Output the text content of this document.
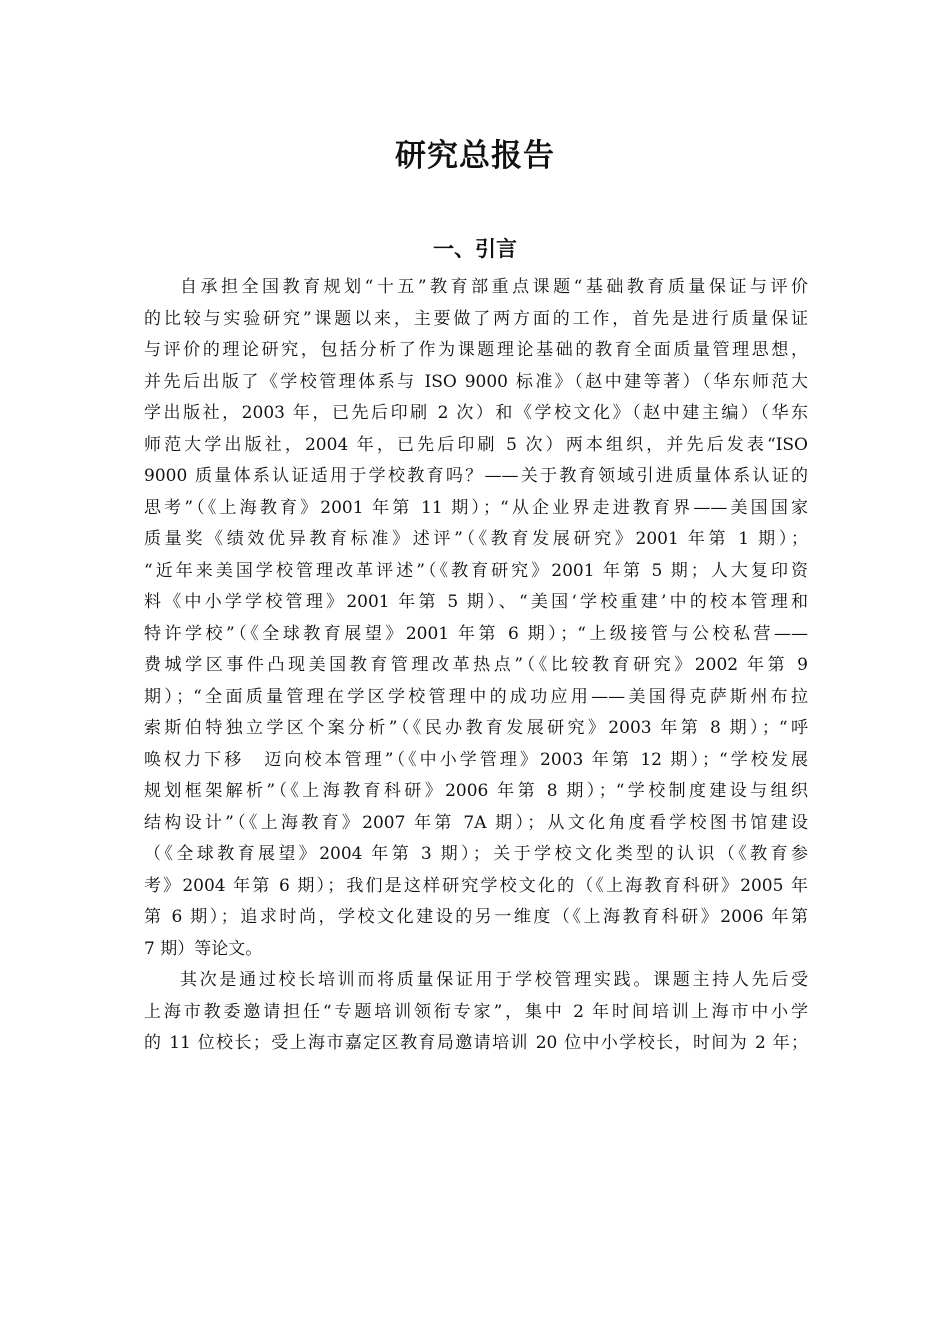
研究总报告
一、引言
自承担全国教育规划“十五”教育部重点课题“基础教育质量保证与评价
的比较与实验研究”课题以来，主要做了两方面的工作，首先是进行质量保证
与评价的理论研究，包括分析了作为课题理论基础的教育全面质量管理思想，
并先后出版了《学校管理体系与 ISO 9000 标准》（赵中建等著）（华东师范大
学出版社，2003 年，已先后印刷 2 次）和《学校文化》（赵中建主编）（华东
师范大学出版社，2004 年，已先后印刷 5 次）两本组织，并先后发表“ISO
9000 质量体系认证适用于学校教育吗？——关于教育领域引进质量体系认证的
思考”（《上海教育》2001 年第 11 期）；“从企业界走进教育界——美国国家
质量奖《绩效优异教育标准》述评”（《教育发展研究》2001 年第 1 期）；
“近年来美国学校管理改革评述”（《教育研究》2001 年第 5 期；人大复印资
料《中小学学校管理》2001 年第 5 期）、“美国‘学校重建’中的校本管理和
特许学校”（《全球教育展望》2001 年第 6 期）；“上级接管与公校私营——
费城学区事件凸现美国教育管理改革热点”（《比较教育研究》2002 年第 9
期）；“全面质量管理在学区学校管理中的成功应用——美国得克萨斯州布拉
索斯伯特独立学区个案分析”（《民办教育发展研究》2003 年第 8 期）；“呼
唤权力下移　迈向校本管理”（《中小学管理》2003 年第 12 期）；“学校发展
规划框架解析”（《上海教育科研》2006 年第 8 期）；“学校制度建设与组织
结构设计”（《上海教育》2007 年第 7A 期）；从文化角度看学校图书馆建设
（《全球教育展望》2004 年第 3 期）；关于学校文化类型的认识（《教育参
考》2004 年第 6 期）；我们是这样研究学校文化的（《上海教育科研》2005 年
第 6 期）；追求时尚，学校文化建设的另一维度（《上海教育科研》2006 年第
7 期）等论文。
其次是通过校长培训而将质量保证用于学校管理实践。课题主持人先后受
上海市教委邀请担任“专题培训领衔专家”，集中 2 年时间培训上海市中小学
的 11 位校长；受上海市嘉定区教育局邀请培训 20 位中小学校长，时间为 2 年；
